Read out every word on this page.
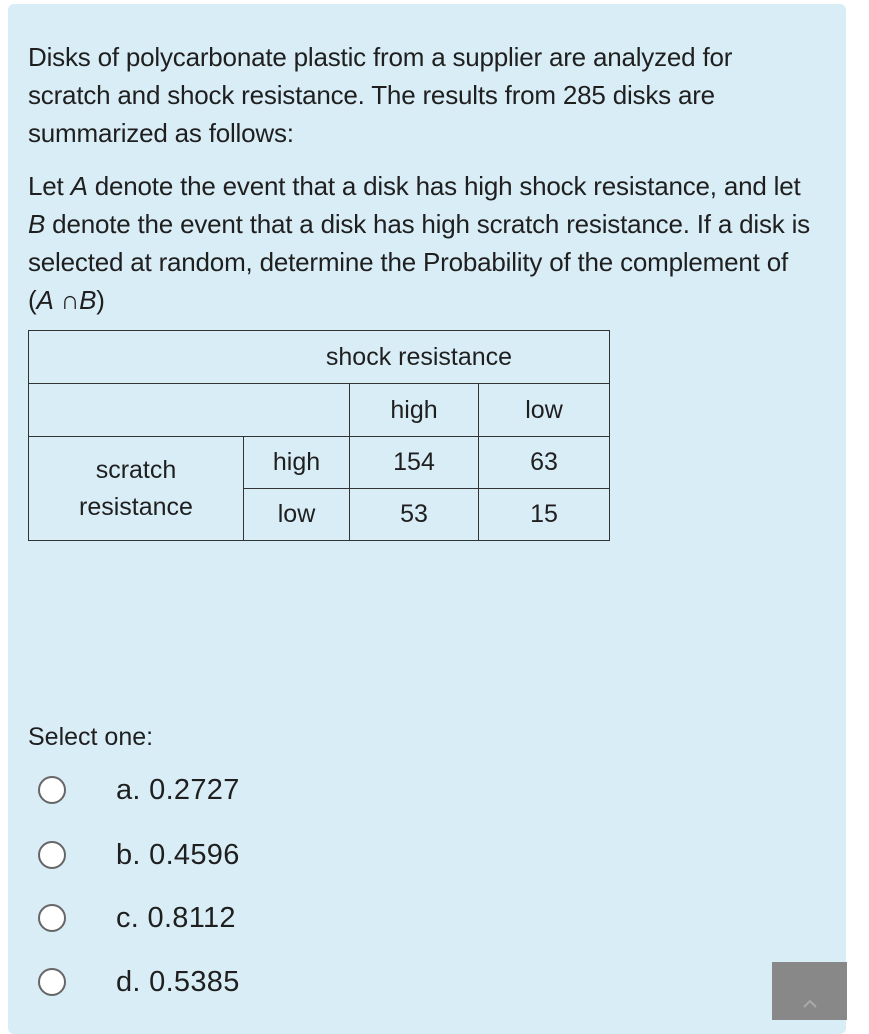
Disks of polycarbonate plastic from a supplier are analyzed for scratch and shock resistance. The results from 285 disks are summarized as follows:

Let A denote the event that a disk has high shock resistance, and let B denote the event that a disk has high scratch resistance. If a disk is selected at random, determine the Probability of the complement of (A ∩B)

shock resistance			
		high	low
scratch resistance	high	154	63
	low	53	15
Select one:
a. 0.2727
b. 0.4596
c. 0.8112
d. 0.5385
